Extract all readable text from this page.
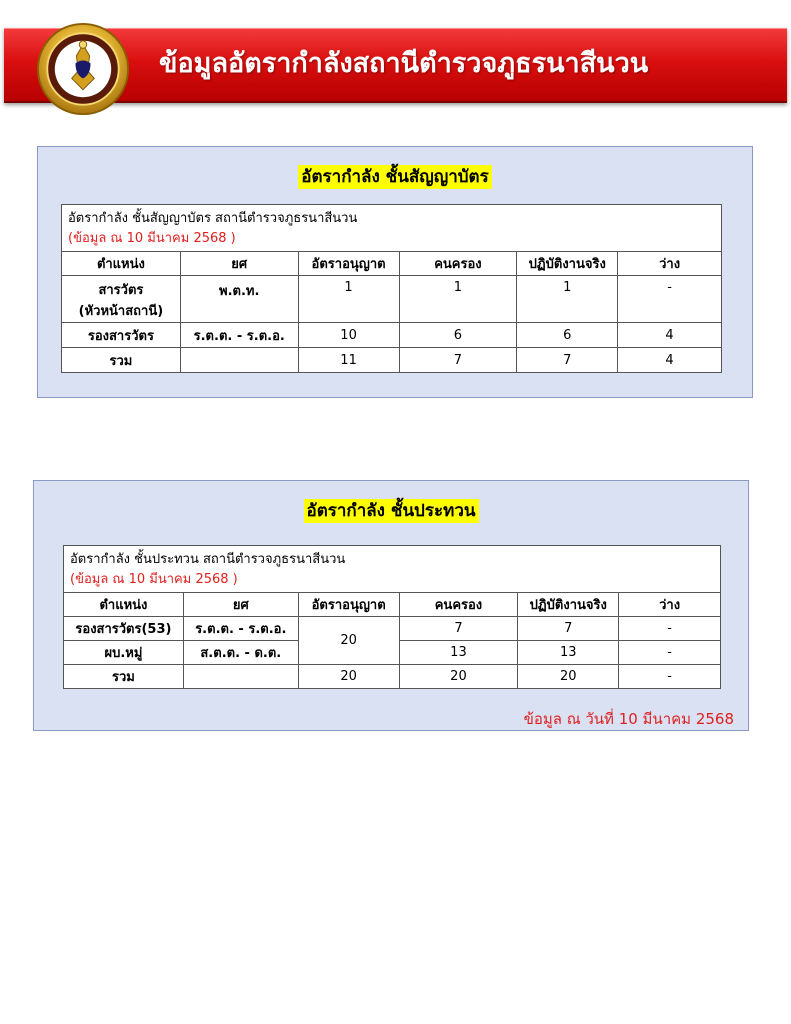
ข้อมูลอัตรากำลังสถานีตำรวจภูธรนาสีนวน
อัตรากำลัง ชั้นสัญญาบัตร
อัตรากำลัง ชั้นสัญญาบัตร สถานีตำรวจภูธรนาสีนวน
(ข้อมูล ณ 10 มีนาคม 2568 )					

ตำแหน่ง	ยศ	อัตราอนุญาต	คนครอง	ปฏิบัติงานจริง	ว่าง

สารวัตร
(หัวหน้าสถานี)	พ.ต.ท.	1	1	1	-
รองสารวัตร	ร.ต.ต. - ร.ต.อ.	10	6	6	4
รวม		11	7	7	4
อัตรากำลัง ชั้นประทวน
อัตรากำลัง ชั้นประทวน สถานีตำรวจภูธรนาสีนวน
(ข้อมูล ณ 10 มีนาคม 2568 )					

ตำแหน่ง	ยศ	อัตราอนุญาต	คนครอง	ปฏิบัติงานจริง	ว่าง
รองสารวัตร(53)	ร.ต.ต. - ร.ต.อ.	20	7	7	-
ผบ.หมู่	ส.ต.ต. - ด.ต.		13	13	-
รวม		20	20	20	-
ข้อมูล ณ วันที่ 10 มีนาคม 2568
